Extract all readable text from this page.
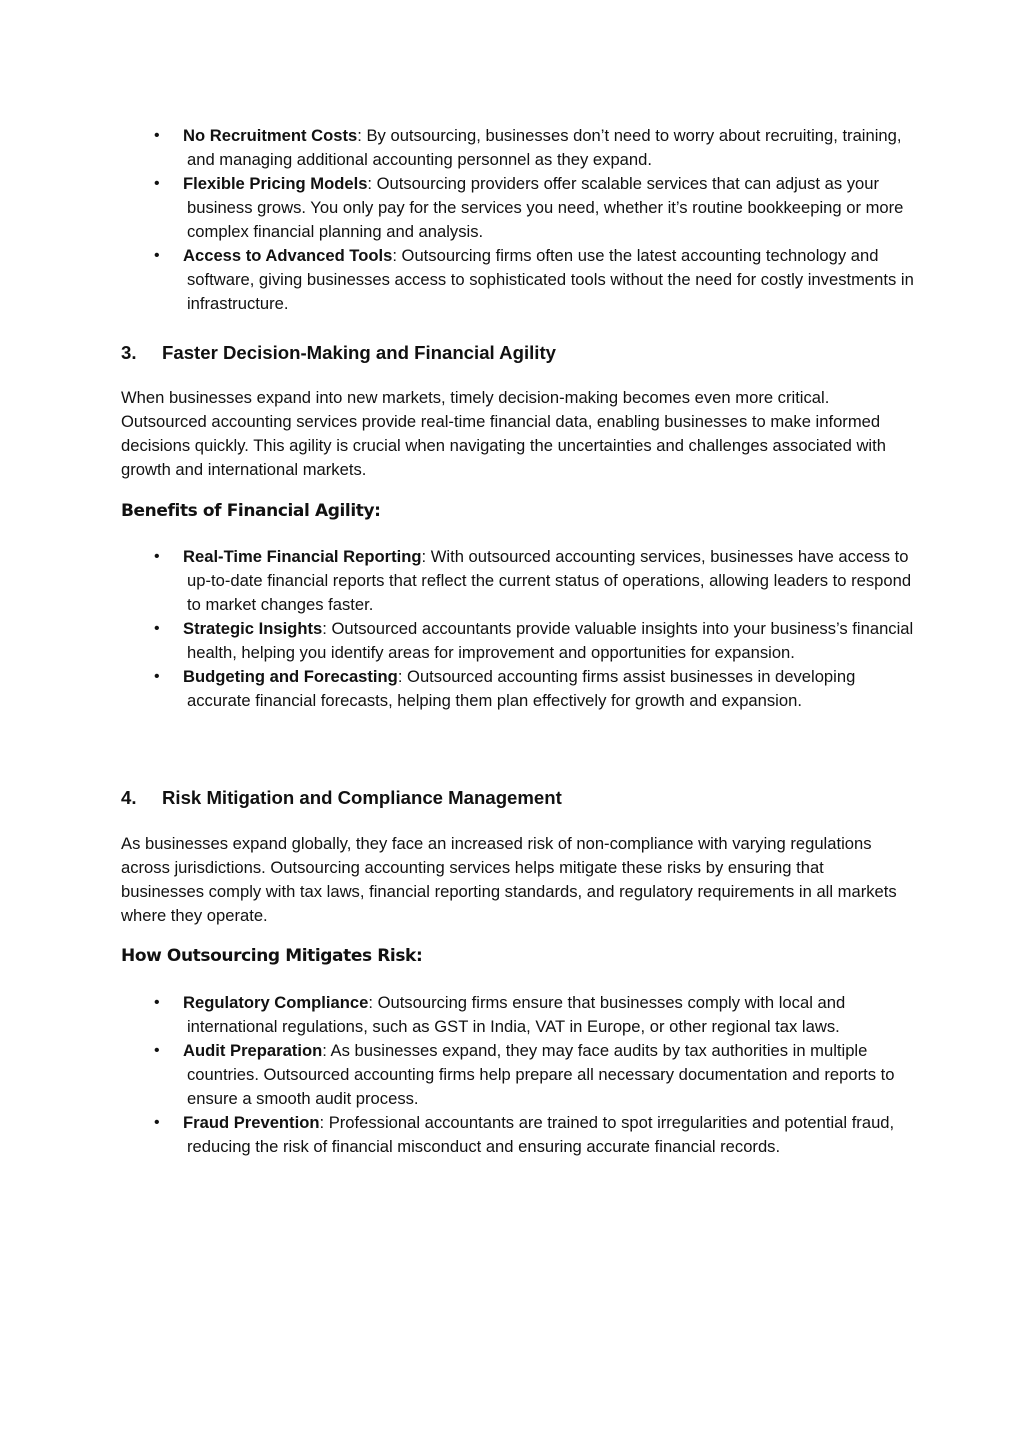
•	No Recruitment Costs: By outsourcing, businesses don’t need to worry about recruiting, training, and managing additional accounting personnel as they expand.
•	Flexible Pricing Models: Outsourcing providers offer scalable services that can adjust as your business grows. You only pay for the services you need, whether it’s routine bookkeeping or more complex financial planning and analysis.
•	Access to Advanced Tools: Outsourcing firms often use the latest accounting technology and software, giving businesses access to sophisticated tools without the need for costly investments in infrastructure.
3. Faster Decision-Making and Financial Agility

When businesses expand into new markets, timely decision-making becomes even more critical. Outsourced accounting services provide real-time financial data, enabling businesses to make informed decisions quickly. This agility is crucial when navigating the uncertainties and challenges associated with growth and international markets.

Benefits of Financial Agility:
•	Real-Time Financial Reporting: With outsourced accounting services, businesses have access to up-to-date financial reports that reflect the current status of operations, allowing leaders to respond to market changes faster.
•	Strategic Insights: Outsourced accountants provide valuable insights into your business’s financial health, helping you identify areas for improvement and opportunities for expansion.
•	Budgeting and Forecasting: Outsourced accounting firms assist businesses in developing accurate financial forecasts, helping them plan effectively for growth and expansion.
4. Risk Mitigation and Compliance Management

As businesses expand globally, they face an increased risk of non-compliance with varying regulations across jurisdictions. Outsourcing accounting services helps mitigate these risks by ensuring that businesses comply with tax laws, financial reporting standards, and regulatory requirements in all markets where they operate.

How Outsourcing Mitigates Risk:
•	Regulatory Compliance: Outsourcing firms ensure that businesses comply with local and international regulations, such as GST in India, VAT in Europe, or other regional tax laws.
•	Audit Preparation: As businesses expand, they may face audits by tax authorities in multiple countries. Outsourced accounting firms help prepare all necessary documentation and reports to ensure a smooth audit process.
•	Fraud Prevention: Professional accountants are trained to spot irregularities and potential fraud, reducing the risk of financial misconduct and ensuring accurate financial records.
